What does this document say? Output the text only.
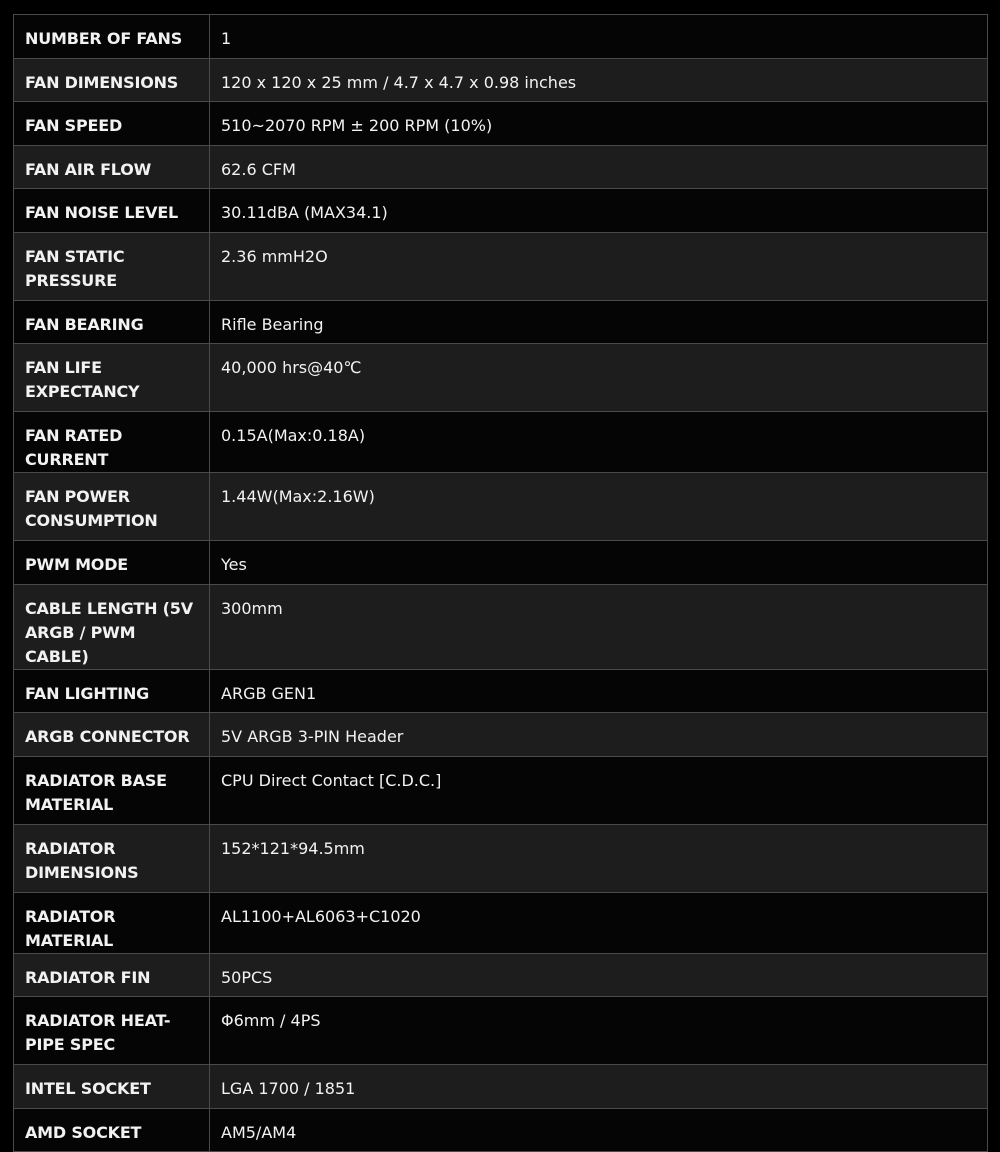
NUMBER OF FANS	1
FAN DIMENSIONS	120 x 120 x 25 mm / 4.7 x 4.7 x 0.98 inches
FAN SPEED	510~2070 RPM ± 200 RPM (10%)
FAN AIR FLOW	62.6 CFM
FAN NOISE LEVEL	30.11dBA (MAX34.1)
FAN STATIC PRESSURE	2.36 mmH2O
FAN BEARING	Rifle Bearing
FAN LIFE EXPECTANCY	40,000 hrs@40℃
FAN RATED CURRENT	0.15A(Max:0.18A)
FAN POWER CONSUMPTION	1.44W(Max:2.16W)
PWM MODE	Yes
CABLE LENGTH (5V ARGB / PWM CABLE)	300mm
FAN LIGHTING	ARGB GEN1
ARGB CONNECTOR	5V ARGB 3-PIN Header
RADIATOR BASE MATERIAL	CPU Direct Contact [C.D.C.]
RADIATOR DIMENSIONS	152*121*94.5mm
RADIATOR MATERIAL	AL1100+AL6063+C1020
RADIATOR FIN	50PCS
RADIATOR HEAT-PIPE SPEC	Φ6mm / 4PS
INTEL SOCKET	LGA 1700 / 1851
AMD SOCKET	AM5/AM4
